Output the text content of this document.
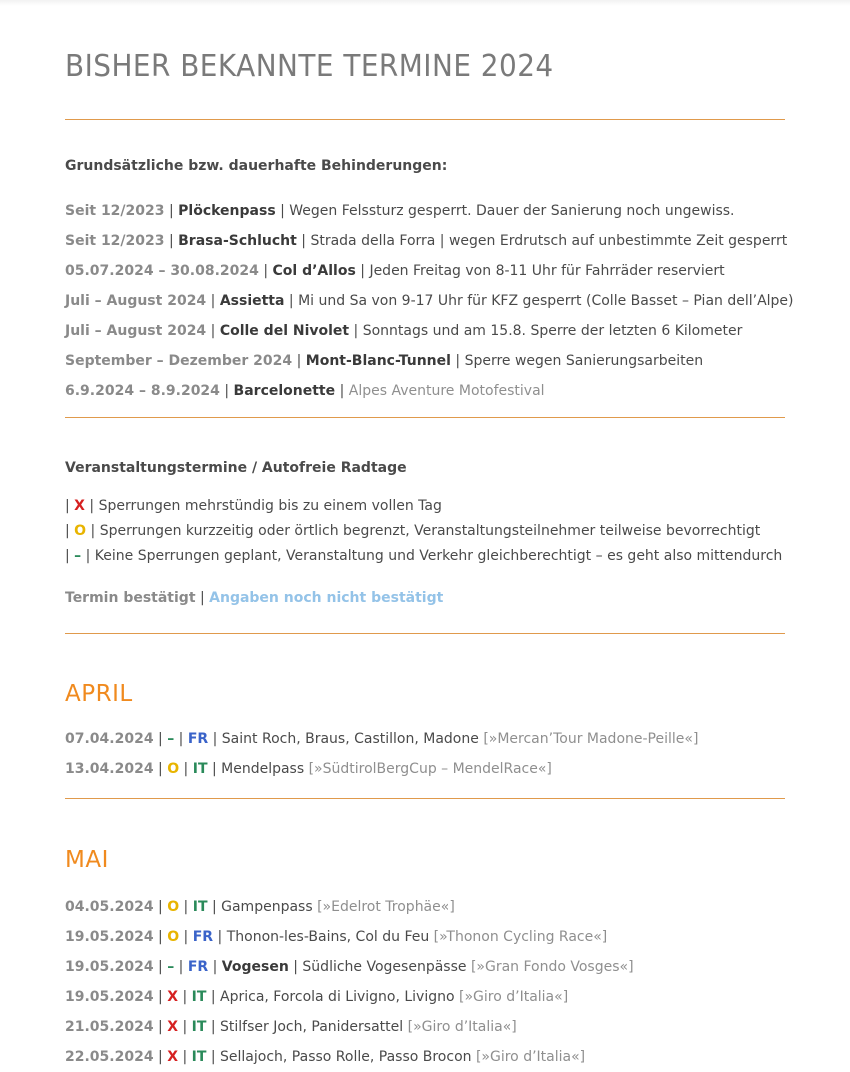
BISHER BEKANNTE TERMINE 2024
Grundsätzliche bzw. dauerhafte Behinderungen:
Seit 12/2023 | Plöckenpass | Wegen Felssturz gesperrt. Dauer der Sanierung noch ungewiss.
Seit 12/2023 | Brasa-Schlucht | Strada della Forra | wegen Erdrutsch auf unbestimmte Zeit gesperrt
05.07.2024 – 30.08.2024 | Col d’Allos | Jeden Freitag von 8-11 Uhr für Fahrräder reserviert
Juli – August 2024 | Assietta | Mi und Sa von 9-17 Uhr für KFZ gesperrt (Colle Basset – Pian dell’Alpe)
Juli – August 2024 | Colle del Nivolet | Sonntags und am 15.8. Sperre der letzten 6 Kilometer
September – Dezember 2024 | Mont-Blanc-Tunnel | Sperre wegen Sanierungsarbeiten
6.9.2024 – 8.9.2024 | Barcelonette | Alpes Aventure Motofestival
Veranstaltungstermine / Autofreie Radtage
| X | Sperrungen mehrstündig bis zu einem vollen Tag
| O | Sperrungen kurzzeitig oder örtlich begrenzt, Veranstaltungsteilnehmer teilweise bevorrechtigt
| – | Keine Sperrungen geplant, Veranstaltung und Verkehr gleichberechtigt – es geht also mittendurch
Termin bestätigt | Angaben noch nicht bestätigt
APRIL
07.04.2024 | – | FR | Saint Roch, Braus, Castillon, Madone [»Mercan’Tour Madone-Peille«]
13.04.2024 | O | IT | Mendelpass [»SüdtirolBergCup – MendelRace«]
MAI
04.05.2024 | O | IT | Gampenpass [»Edelrot Trophäe«]
19.05.2024 | O | FR | Thonon-les-Bains, Col du Feu [»Thonon Cycling Race«]
19.05.2024 | – | FR | Vogesen | Südliche Vogesenpässe [»Gran Fondo Vosges«]
19.05.2024 | X | IT | Aprica, Forcola di Livigno, Livigno [»Giro d’Italia«]
21.05.2024 | X | IT | Stilfser Joch, Panidersattel [»Giro d’Italia«]
22.05.2024 | X | IT | Sellajoch, Passo Rolle, Passo Brocon [»Giro d’Italia«]
